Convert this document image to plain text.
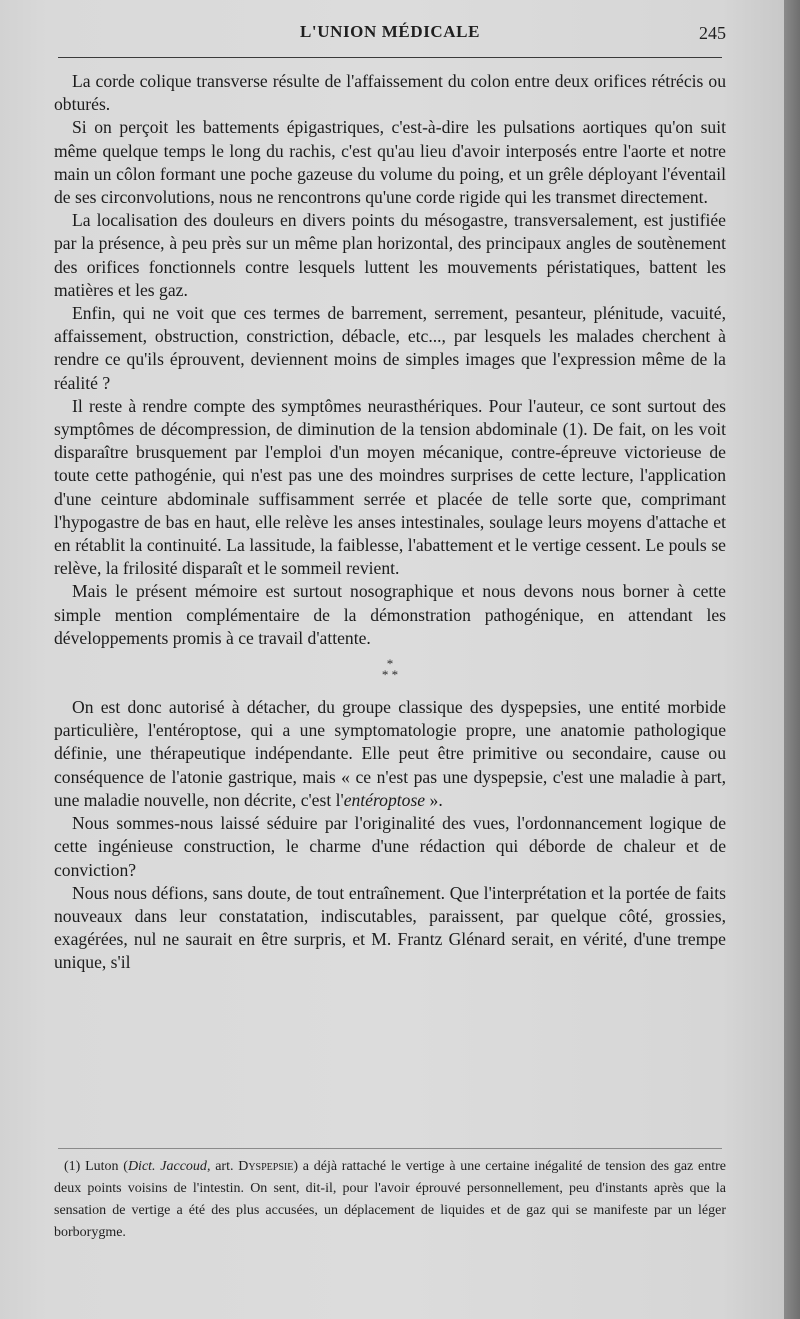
L'UNION MÉDICALE	245

La corde colique transverse résulte de l'affaissement du colon entre deux orifices rétrécis ou obturés.

Si on perçoit les battements épigastriques, c'est-à-dire les pulsations aortiques qu'on suit même quelque temps le long du rachis, c'est qu'au lieu d'avoir interposés entre l'aorte et notre main un côlon formant une poche gazeuse du volume du poing, et un grêle déployant l'éventail de ses circonvolutions, nous ne rencontrons qu'une corde rigide qui les transmet directement.

La localisation des douleurs en divers points du mésogastre, transversalement, est justifiée par la présence, à peu près sur un même plan horizontal, des principaux angles de soutènement des orifices fonctionnels contre lesquels luttent les mouvements péristatiques, battent les matières et les gaz.

Enfin, qui ne voit que ces termes de barrement, serrement, pesanteur, plénitude, vacuité, affaissement, obstruction, constriction, débacle, etc..., par lesquels les malades cherchent à rendre ce qu'ils éprouvent, deviennent moins de simples images que l'expression même de la réalité ?

Il reste à rendre compte des symptômes neurasthériques. Pour l'auteur, ce sont surtout des symptômes de décompression, de diminution de la tension abdominale (1). De fait, on les voit disparaître brusquement par l'emploi d'un moyen mécanique, contre-épreuve victorieuse de toute cette pathogénie, qui n'est pas une des moindres surprises de cette lecture, l'application d'une ceinture abdominale suffisamment serrée et placée de telle sorte que, comprimant l'hypogastre de bas en haut, elle relève les anses intestinales, soulage leurs moyens d'attache et en rétablit la continuité. La lassitude, la faiblesse, l'abattement et le vertige cessent. Le pouls se relève, la frilosité disparaît et le sommeil revient.

Mais le présent mémoire est surtout nosographique et nous devons nous borner à cette simple mention complémentaire de la démonstration pathogénique, en attendant les développements promis à ce travail d'attente.

*
* *

On est donc autorisé à détacher, du groupe classique des dyspepsies, une entité morbide particulière, l'entéroptose, qui a une symptomatologie propre, une anatomie pathologique définie, une thérapeutique indépendante. Elle peut être primitive ou secondaire, cause ou conséquence de l'atonie gastrique, mais « ce n'est pas une dyspepsie, c'est une maladie à part, une maladie nouvelle, non décrite, c'est l'entéroptose ».

Nous sommes-nous laissé séduire par l'originalité des vues, l'ordonnancement logique de cette ingénieuse construction, le charme d'une rédaction qui déborde de chaleur et de conviction?

Nous nous défions, sans doute, de tout entraînement. Que l'interprétation et la portée de faits nouveaux dans leur constatation, indiscutables, paraissent, par quelque côté, grossies, exagérées, nul ne saurait en être surpris, et M. Frantz Glénard serait, en vérité, d'une trempe unique, s'il

(1) Luton (Dict. Jaccoud, art. Dyspepsie) a déjà rattaché le vertige à une certaine inégalité de tension des gaz entre deux points voisins de l'intestin. On sent, dit-il, pour l'avoir éprouvé personnellement, peu d'instants après que la sensation de vertige a été des plus accusées, un déplacement de liquides et de gaz qui se manifeste par un léger borborygme.
